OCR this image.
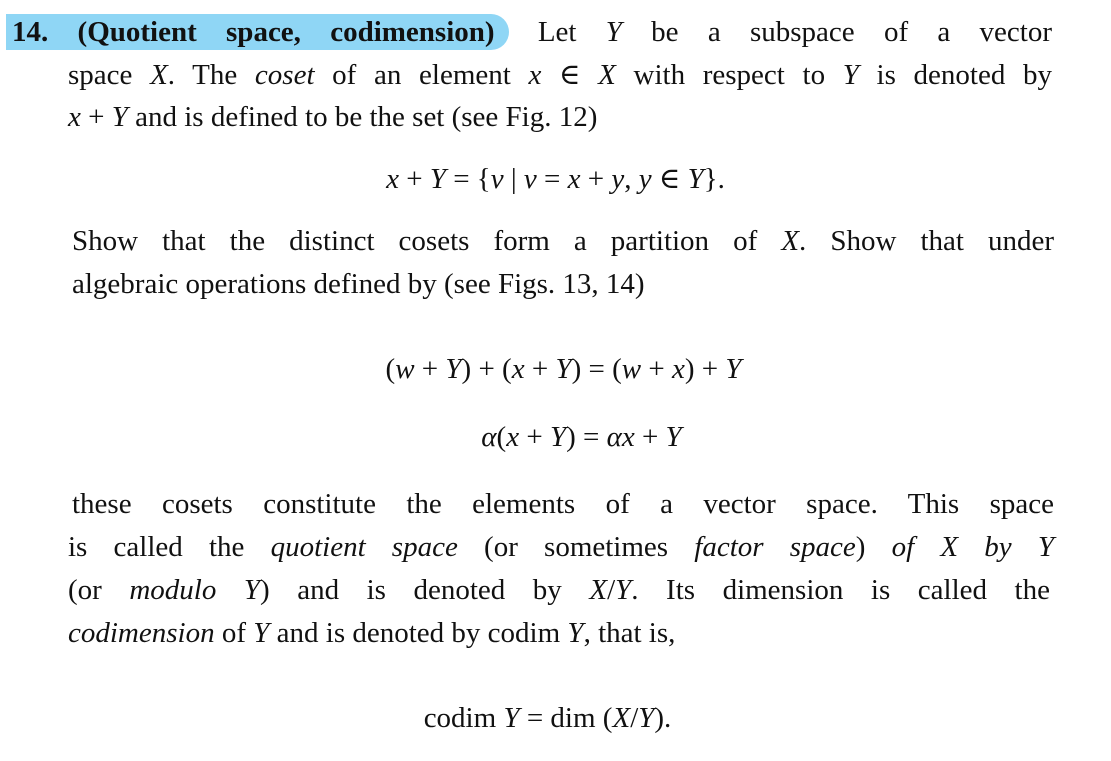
14. (Quotient space, codimension) Let Y be a subspace of a vector
space X. The coset of an element x ∈ X with respect to Y is denoted by
x + Y and is defined to be the set (see Fig. 12)
x + Y = {v | v = x + y, y ∈ Y}.
Show that the distinct cosets form a partition of X. Show that under
algebraic operations defined by (see Figs. 13, 14)
(w + Y) + (x + Y) = (w + x) + Y
α(x + Y) = αx + Y
these cosets constitute the elements of a vector space. This space
is called the quotient space (or sometimes factor space) of X by Y
(or modulo Y) and is denoted by X/Y. Its dimension is called the
codimension of Y and is denoted by codim Y, that is,
codim Y = dim (X/Y).
